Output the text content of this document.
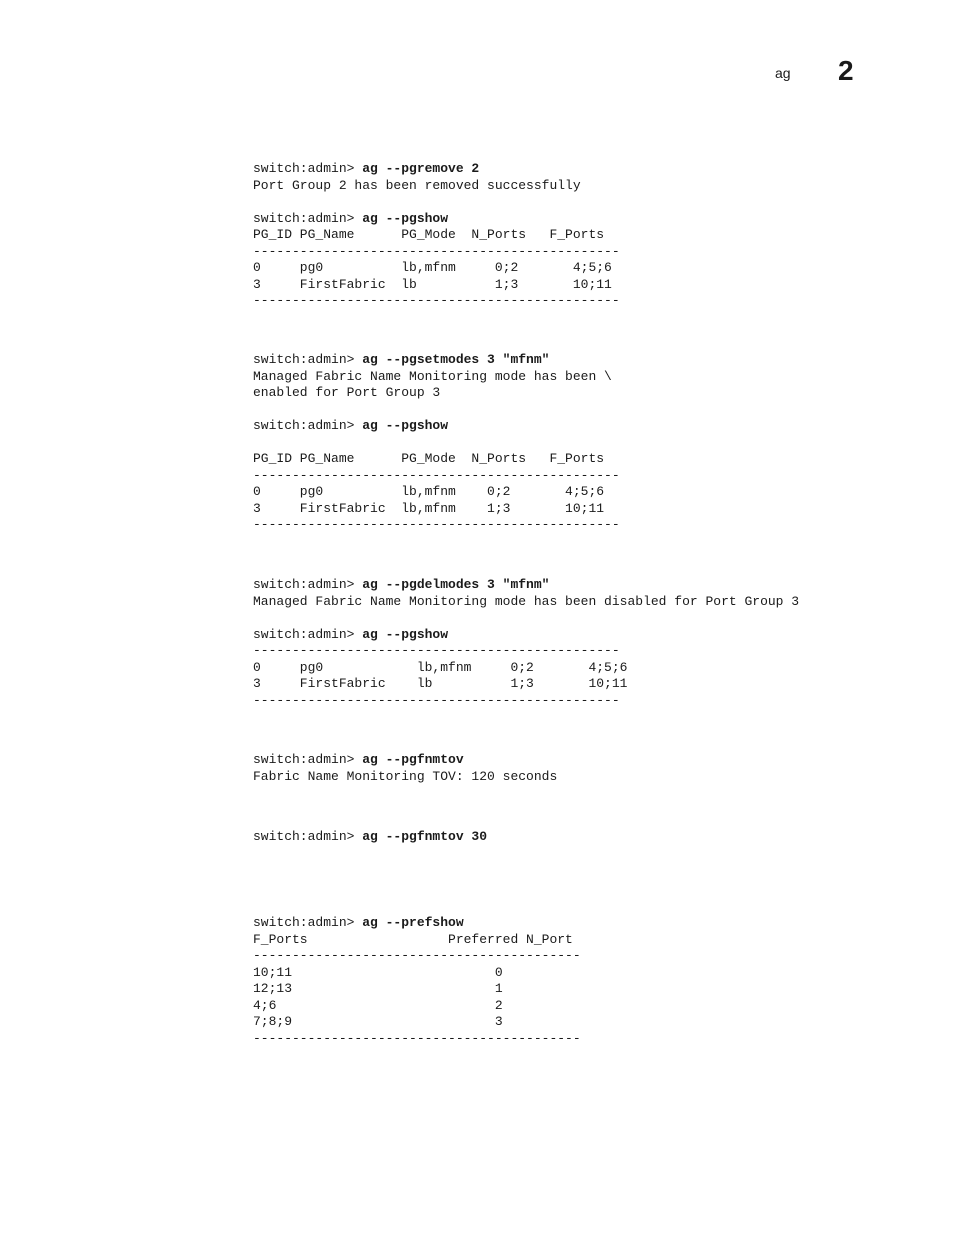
ag 2
switch:admin> ag --pgremove 2
Port Group 2 has been removed successfully
switch:admin> ag --pgshow
PG_ID PG_Name      PG_Mode  N_Ports   F_Ports
-----------------------------------------------
0     pg0          lb,mfnm     0;2       4;5;6
3     FirstFabric  lb          1;3       10;11
-----------------------------------------------
switch:admin> ag --pgsetmodes 3 "mfnm"
Managed Fabric Name Monitoring mode has been \
enabled for Port Group 3
switch:admin> ag --pgshow
PG_ID PG_Name      PG_Mode  N_Ports   F_Ports
-----------------------------------------------
0     pg0          lb,mfnm    0;2       4;5;6
3     FirstFabric  lb,mfnm    1;3       10;11
-----------------------------------------------
switch:admin> ag --pgdelmodes 3 "mfnm"
Managed Fabric Name Monitoring mode has been disabled for Port Group 3
switch:admin> ag --pgshow
-----------------------------------------------
0     pg0            lb,mfnm     0;2       4;5;6
3     FirstFabric    lb          1;3       10;11
-----------------------------------------------
switch:admin> ag --pgfnmtov
Fabric Name Monitoring TOV: 120 seconds
switch:admin> ag --pgfnmtov 30
switch:admin> ag --prefshow
F_Ports                  Preferred N_Port
------------------------------------------
10;11                          0
12;13                          1
4;6                            2
7;8;9                          3
------------------------------------------
